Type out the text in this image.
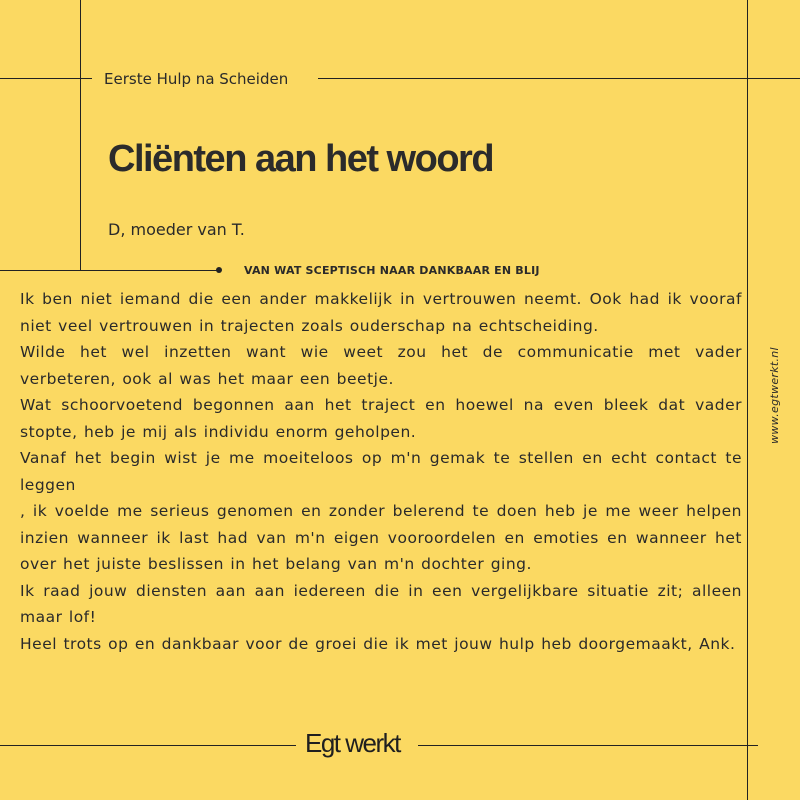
Eerste Hulp na Scheiden
Cliënten aan het woord
D, moeder van T.
VAN WAT SCEPTISCH NAAR DANKBAAR EN BLIJ

Ik ben niet iemand die een ander makkelijk in vertrouwen neemt. Ook had ik vooraf niet veel vertrouwen in trajecten zoals ouderschap na echtscheiding.

Wilde het wel inzetten want wie weet zou het de communicatie met vader verbeteren, ook al was het maar een beetje.

Wat schoorvoetend begonnen aan het traject en hoewel na even bleek dat vader stopte, heb je mij als individu enorm geholpen.

Vanaf het begin wist je me moeiteloos op m'n gemak te stellen en echt contact te leggen

, ik voelde me serieus genomen en zonder belerend te doen heb je me weer helpen inzien wanneer ik last had van m'n eigen vooroordelen en emoties en wanneer het over het juiste beslissen in het belang van m'n dochter ging.

Ik raad jouw diensten aan aan iedereen die in een vergelijkbare situatie zit; alleen maar lof!

Heel trots op en dankbaar voor de groei die ik met jouw hulp heb doorgemaakt, Ank.

www.egtwerkt.nl
Egt werkt
